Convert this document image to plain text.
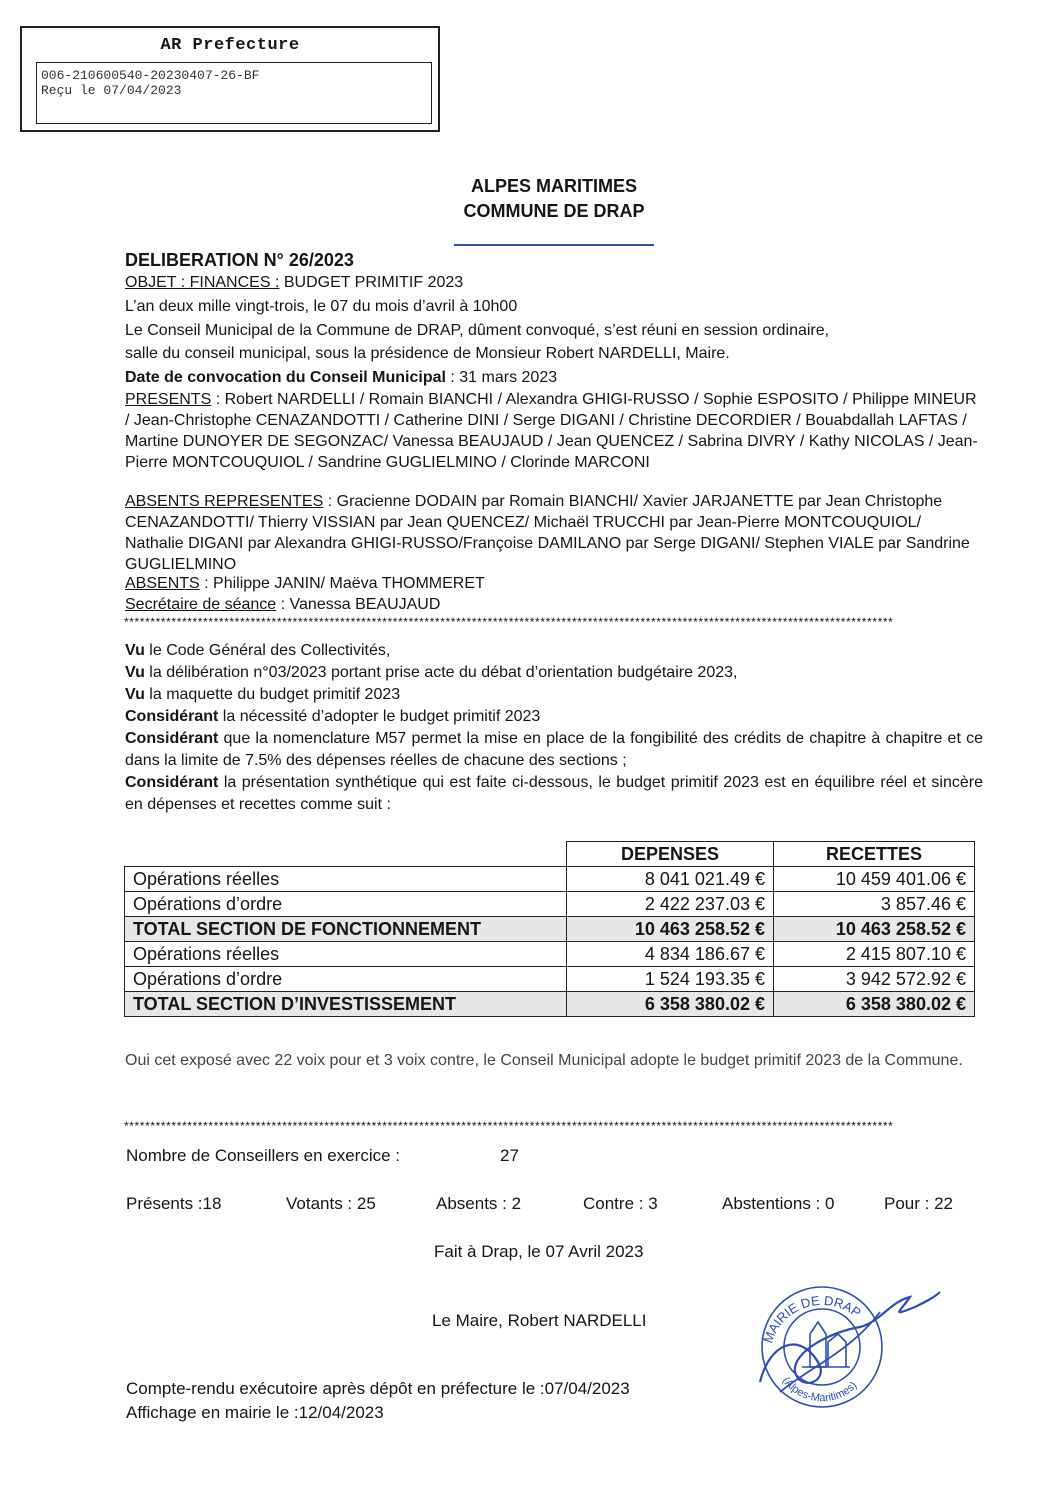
AR Prefecture
006-210600540-20230407-26-BF
Reçu le 07/04/2023
ALPES MARITIMES
COMMUNE DE DRAP
DELIBERATION N° 26/2023
OBJET : FINANCES : BUDGET PRIMITIF 2023
L’an deux mille vingt-trois, le 07 du mois d’avril à 10h00
Le Conseil Municipal de la Commune de DRAP, dûment convoqué, s’est réuni en session ordinaire,
salle du conseil municipal, sous la présidence de Monsieur Robert NARDELLI, Maire.
Date de convocation du Conseil Municipal : 31 mars 2023
PRESENTS : Robert NARDELLI / Romain BIANCHI / Alexandra GHIGI-RUSSO / Sophie ESPOSITO / Philippe MINEUR / Jean-Christophe CENAZANDOTTI / Catherine DINI / Serge DIGANI / Christine DECORDIER / Bouabdallah LAFTAS / Martine DUNOYER DE SEGONZAC/ Vanessa BEAUJAUD / Jean QUENCEZ / Sabrina DIVRY / Kathy NICOLAS / Jean-Pierre MONTCOUQUIOL / Sandrine GUGLIELMINO / Clorinde MARCONI
ABSENTS REPRESENTES : Gracienne DODAIN par Romain BIANCHI/ Xavier JARJANETTE par Jean Christophe CENAZANDOTTI/ Thierry VISSIAN par Jean QUENCEZ/ Michaël TRUCCHI par Jean-Pierre MONTCOUQUIOL/ Nathalie DIGANI par Alexandra GHIGI-RUSSO/Françoise DAMILANO par Serge DIGANI/ Stephen VIALE par Sandrine GUGLIELMINO
ABSENTS : Philippe JANIN/ Maëva THOMMERET
Secrétaire de séance : Vanessa BEAUJAUD
**************************************************************************************************************************************************
Vu le Code Général des Collectivités,
Vu la délibération n°03/2023 portant prise acte du débat d’orientation budgétaire 2023,
Vu la maquette du budget primitif 2023
Considérant la nécessité d’adopter le budget primitif 2023
Considérant que la nomenclature M57 permet la mise en place de la fongibilité des crédits de chapitre à chapitre et ce dans la limite de 7.5% des dépenses réelles de chacune des sections ;
Considérant la présentation synthétique qui est faite ci-dessous, le budget primitif 2023 est en équilibre réel et sincère en dépenses et recettes comme suit :
	DEPENSES	RECETTES
Opérations réelles	8 041 021.49 €	10 459 401.06 €
Opérations d’ordre	2 422 237.03 €	3 857.46 €
TOTAL SECTION DE FONCTIONNEMENT	10 463 258.52 €	10 463 258.52 €
Opérations réelles	4 834 186.67 €	2 415 807.10 €
Opérations d’ordre	1 524 193.35 €	3 942 572.92 €
TOTAL SECTION D’INVESTISSEMENT	6 358 380.02 €	6 358 380.02 €
Oui cet exposé avec 22 voix pour et 3 voix contre, le Conseil Municipal adopte le budget primitif 2023 de la Commune.
**************************************************************************************************************************************************
Nombre de Conseillers en exercice :	27
Présents :18	Votants : 25	Absents : 2	Contre : 3	Abstentions : 0	Pour : 22
Fait à Drap, le 07 Avril 2023
Le Maire, Robert NARDELLI
Compte-rendu exécutoire après dépôt en préfecture le :07/04/2023
Affichage en mairie le :12/04/2023
MAIRIE DE DRAP
(Alpes-Maritimes)
